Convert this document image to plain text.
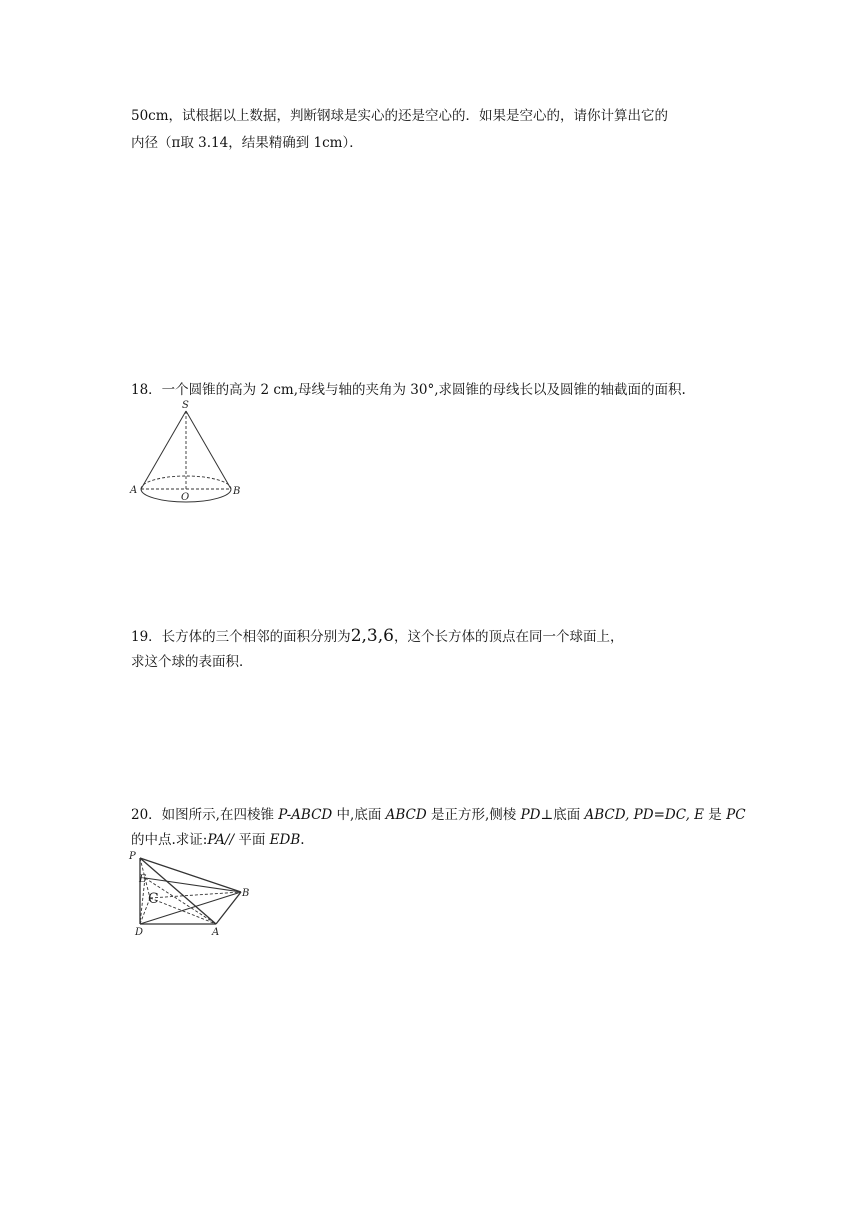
50cm，试根据以上数据，判断钢球是实心的还是空心的．如果是空心的，请你计算出它的
内径（π取 3.14，结果精确到 1cm）．
18．一个圆锥的高为 2 cm,母线与轴的夹角为 30°,求圆锥的母线长以及圆锥的轴截面的面积.
S
A
O
B
19．长方体的三个相邻的面积分别为2,3,6，这个长方体的顶点在同一个球面上，
求这个球的表面积．
20．如图所示,在四棱锥 P-ABCD 中,底面 ABCD 是正方形,侧棱 PD⊥底面 ABCD, PD=DC, E 是 PC
的中点.求证:PA// 平面 EDB.
P
E
C	B
D	A
